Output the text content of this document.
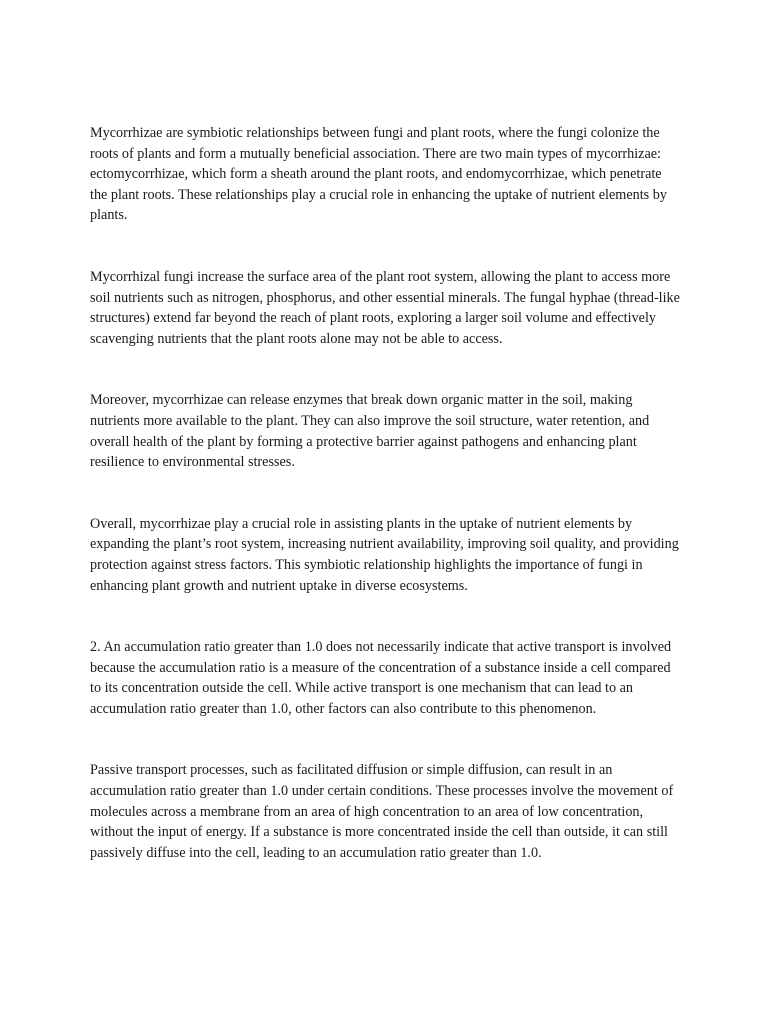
Mycorrhizae are symbiotic relationships between fungi and plant roots, where the fungi colonize the roots of plants and form a mutually beneficial association. There are two main types of mycorrhizae: ectomycorrhizae, which form a sheath around the plant roots, and endomycorrhizae, which penetrate the plant roots. These relationships play a crucial role in enhancing the uptake of nutrient elements by plants.

Mycorrhizal fungi increase the surface area of the plant root system, allowing the plant to access more soil nutrients such as nitrogen, phosphorus, and other essential minerals. The fungal hyphae (thread-like structures) extend far beyond the reach of plant roots, exploring a larger soil volume and effectively scavenging nutrients that the plant roots alone may not be able to access.

Moreover, mycorrhizae can release enzymes that break down organic matter in the soil, making nutrients more available to the plant. They can also improve the soil structure, water retention, and overall health of the plant by forming a protective barrier against pathogens and enhancing plant resilience to environmental stresses.

Overall, mycorrhizae play a crucial role in assisting plants in the uptake of nutrient elements by expanding the plant’s root system, increasing nutrient availability, improving soil quality, and providing protection against stress factors. This symbiotic relationship highlights the importance of fungi in enhancing plant growth and nutrient uptake in diverse ecosystems.

2. An accumulation ratio greater than 1.0 does not necessarily indicate that active transport is involved because the accumulation ratio is a measure of the concentration of a substance inside a cell compared to its concentration outside the cell. While active transport is one mechanism that can lead to an accumulation ratio greater than 1.0, other factors can also contribute to this phenomenon.

Passive transport processes, such as facilitated diffusion or simple diffusion, can result in an accumulation ratio greater than 1.0 under certain conditions. These processes involve the movement of molecules across a membrane from an area of high concentration to an area of low concentration, without the input of energy. If a substance is more concentrated inside the cell than outside, it can still passively diffuse into the cell, leading to an accumulation ratio greater than 1.0.
